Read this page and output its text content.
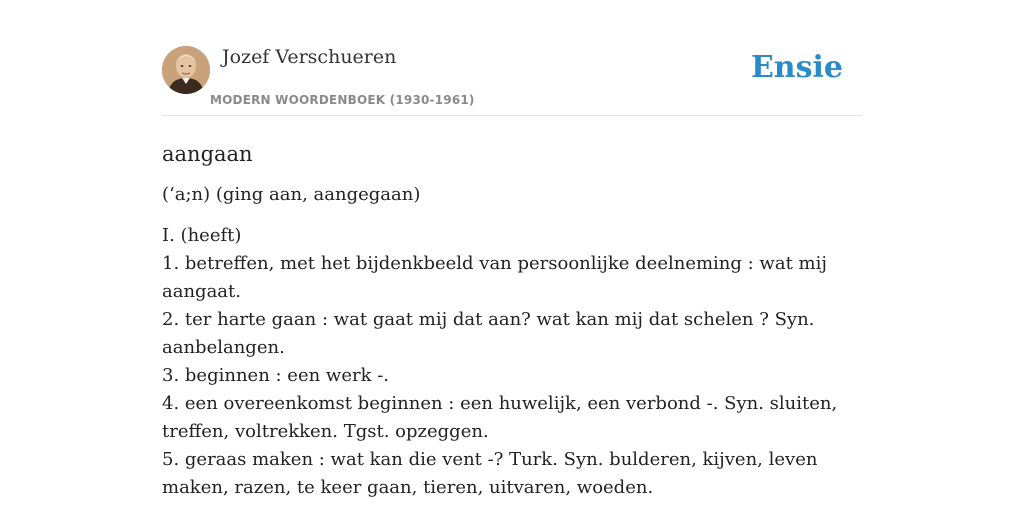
Jozef Verschueren
MODERN WOORDENBOEK (1930-1961)
Ensie
aangaan
(‘a;n) (ging aan, aangegaan)
I. (heeft)
1. betreffen, met het bijdenkbeeld van persoonlijke deelneming : wat mij aangaat.
2. ter harte gaan : wat gaat mij dat aan? wat kan mij dat schelen ? Syn. aanbelangen.
3. beginnen : een werk -.
4. een overeenkomst beginnen : een huwelijk, een verbond -. Syn. sluiten, treffen, voltrekken. Tgst. opzeggen.
5. geraas maken : wat kan die vent -? Turk. Syn. bulderen, kijven, leven maken, razen, te keer gaan, tieren, uitvaren, woeden.
